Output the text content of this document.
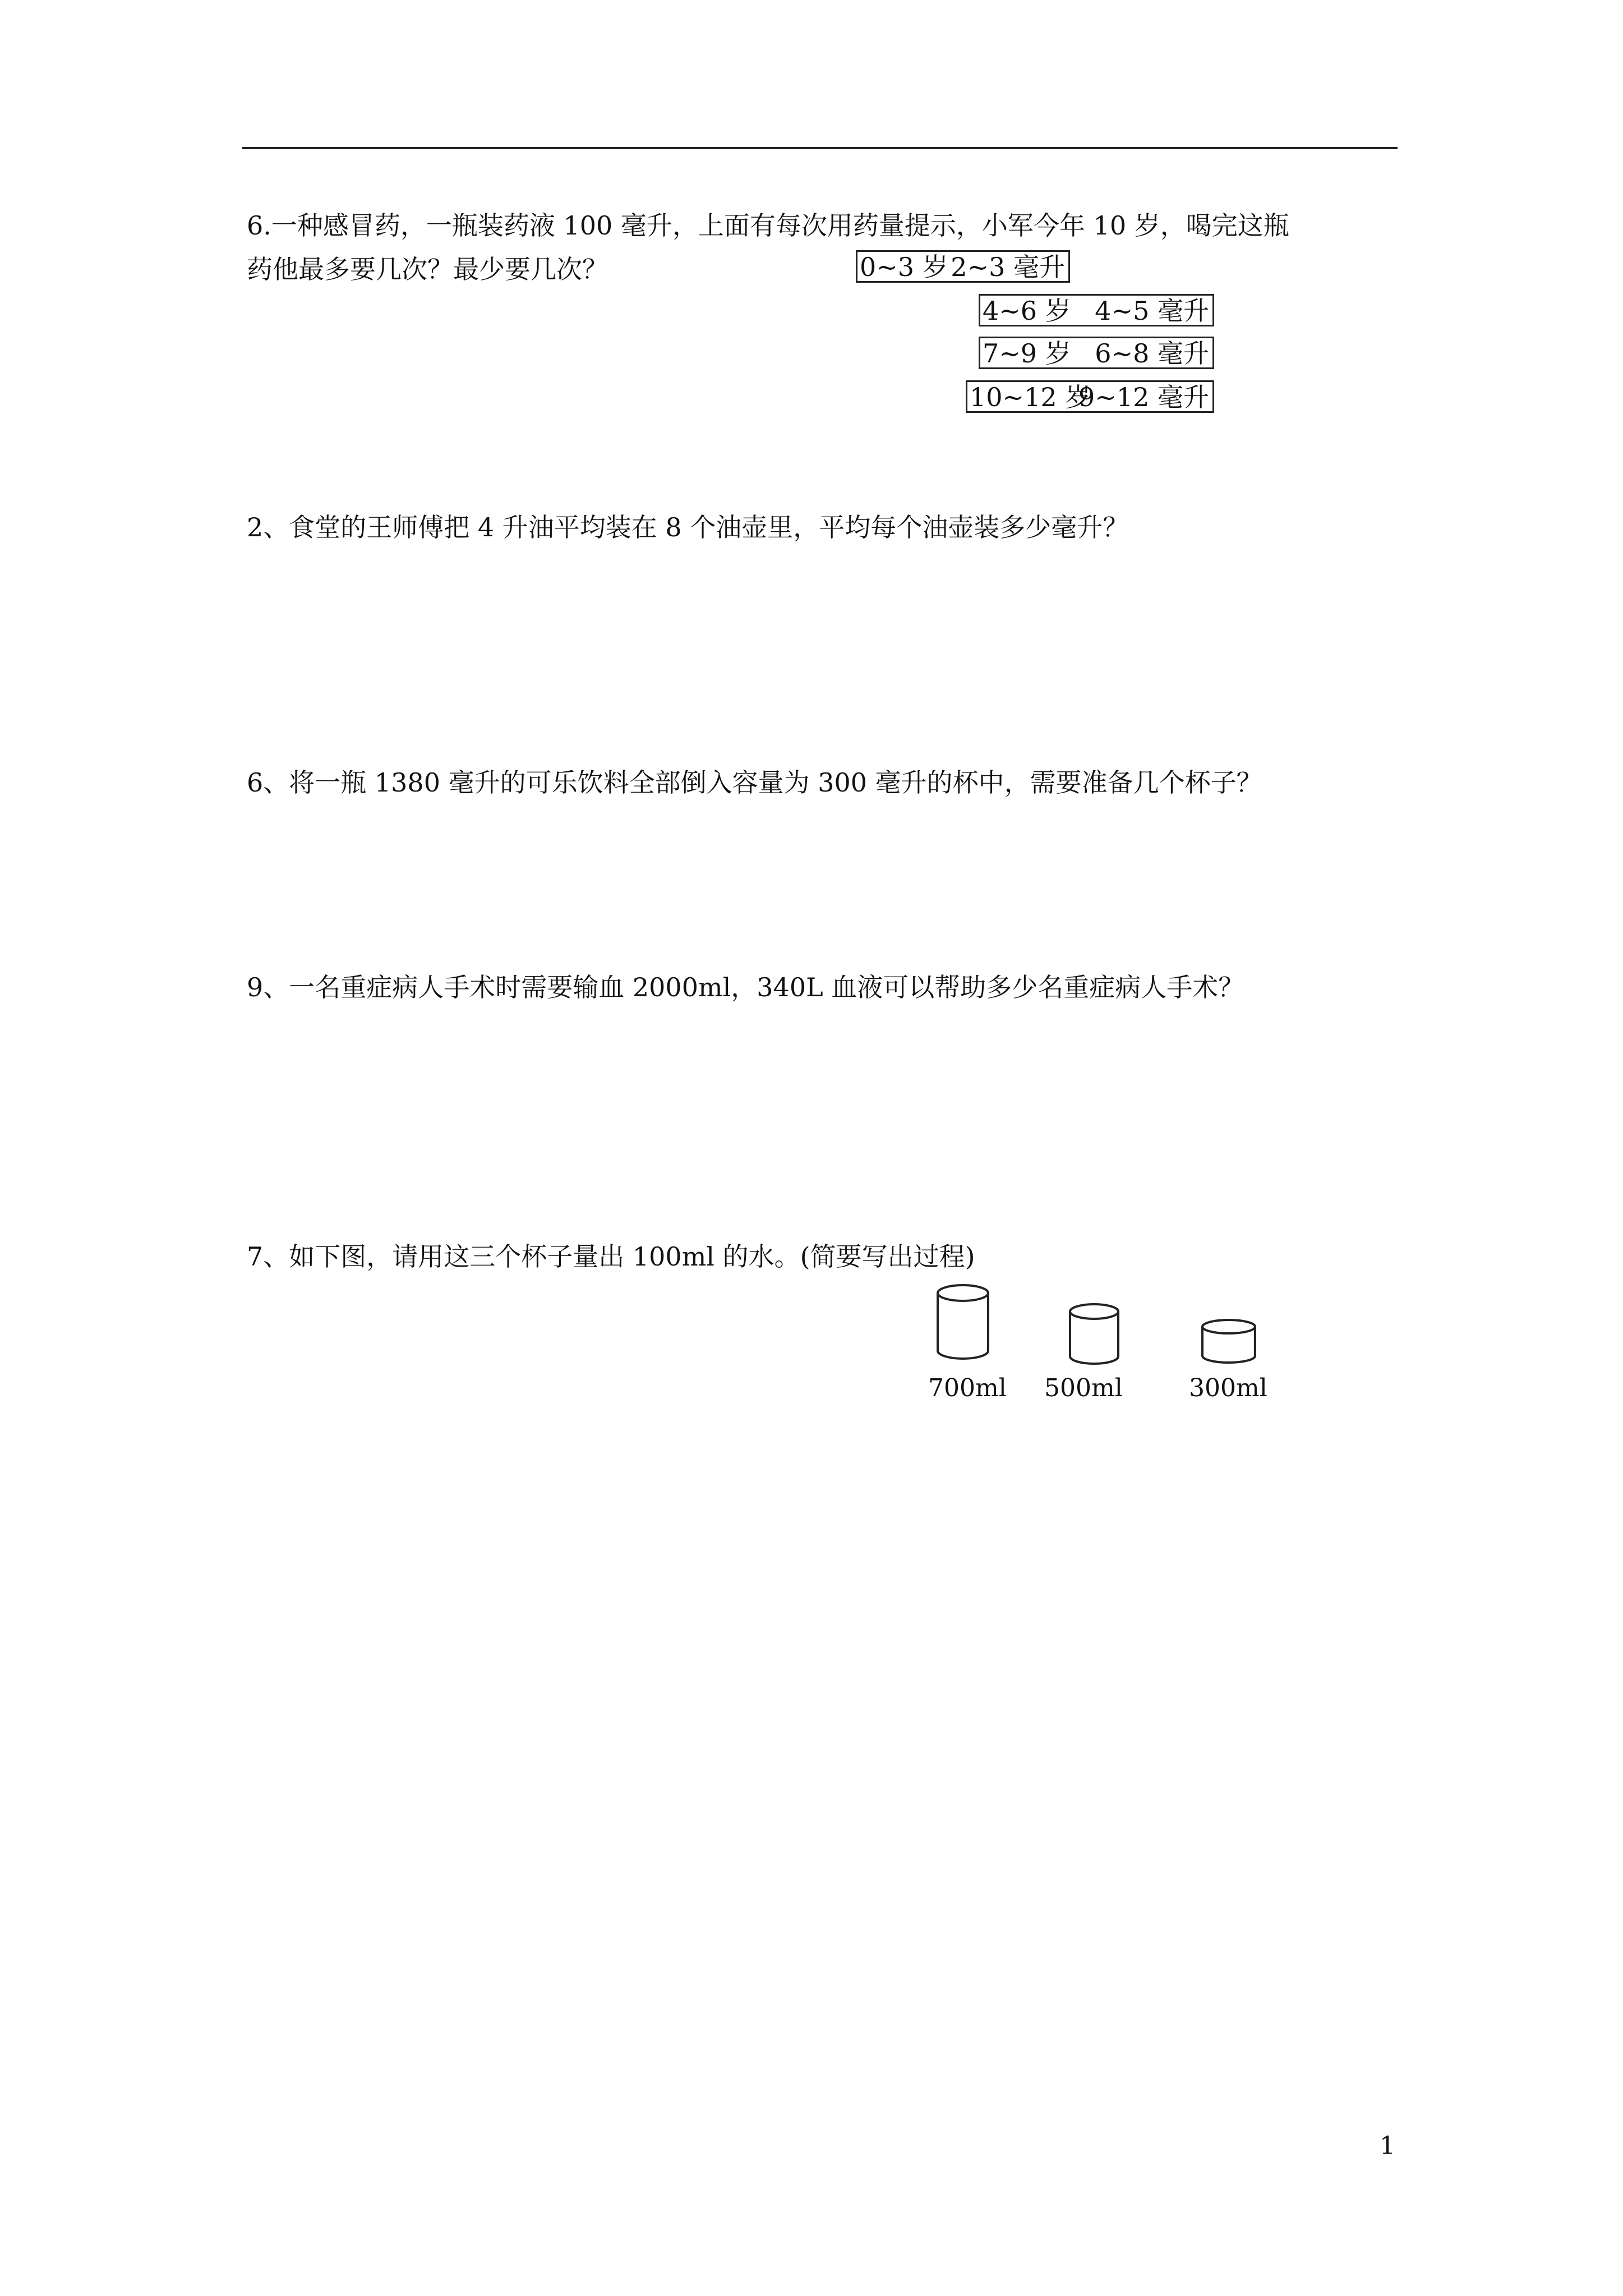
6.一种感冒药，一瓶装药液 100 毫升，上面有每次用药量提示，小军今年 10 岁，喝完这瓶

药他最多要几次？最少要几次？	0~3 岁 2~3 毫升
4~6 岁 4~5 毫升
7~9 岁 6~8 毫升
10~12 岁
9~12 毫升

2、食堂的王师傅把 4 升油平均装在 8 个油壶里，平均每个油壶装多少毫升？

6、将一瓶 1380 毫升的可乐饮料全部倒入容量为 300 毫升的杯中，需要准备几个杯子？

9、一名重症病人手术时需要输血 2000ml，340L 血液可以帮助多少名重症病人手术？

7、如下图，请用这三个杯子量出 100ml 的水。(简要写出过程)

700ml 500ml	300ml
1
